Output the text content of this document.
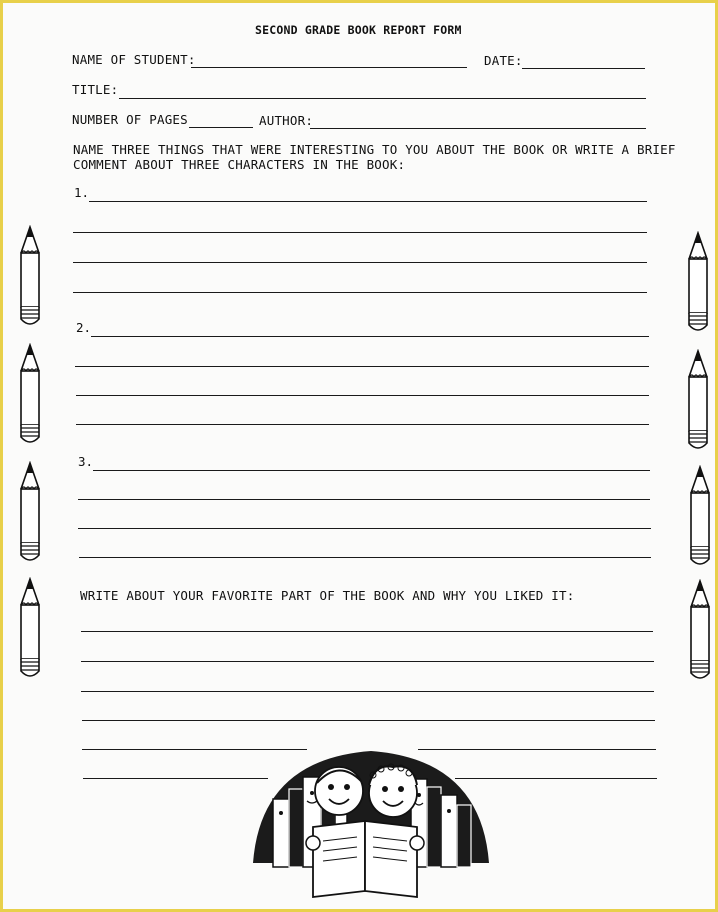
SECOND GRADE BOOK REPORT FORM
NAME OF STUDENT:	DATE:
TITLE:
NUMBER OF PAGES	AUTHOR:
NAME THREE THINGS THAT WERE INTERESTING TO YOU ABOUT THE BOOK OR WRITE A BRIEF
COMMENT ABOUT THREE CHARACTERS IN THE BOOK:
1.
2.
3.
WRITE ABOUT YOUR FAVORITE PART OF THE BOOK AND WHY YOU LIKED IT:
